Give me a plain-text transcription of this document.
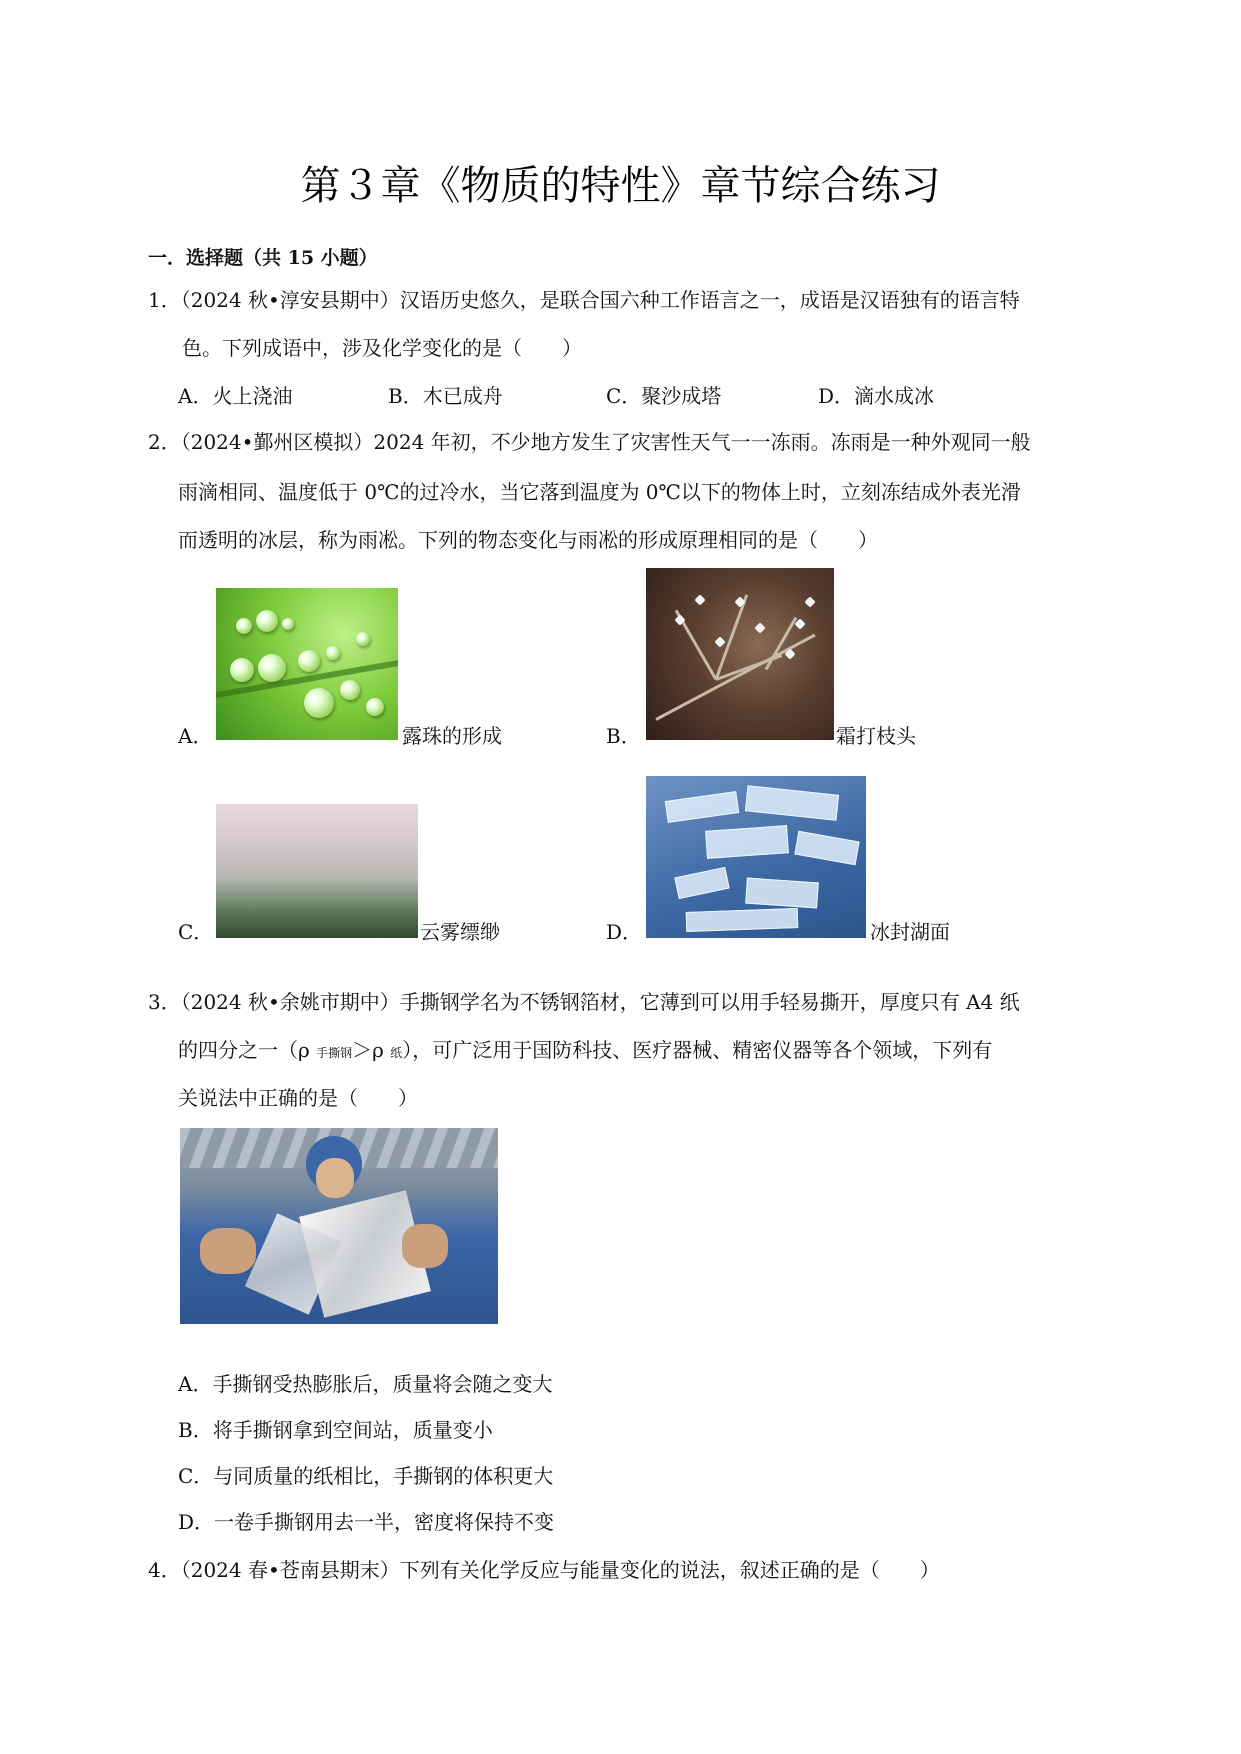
第３章《物质的特性》章节综合练习
一．选择题（共 15 小题）
1．（2024 秋•淳安县期中）汉语历史悠久，是联合国六种工作语言之一，成语是汉语独有的语言特
色。下列成语中，涉及化学变化的是（　　）
A．火上浇油	B．木已成舟	C．聚沙成塔	D．滴水成冰
2．（2024•鄞州区模拟）2024 年初，不少地方发生了灾害性天气一一冻雨。冻雨是一种外观同一般
雨滴相同、温度低于 0℃的过冷水，当它落到温度为 0℃以下的物体上时，立刻冻结成外表光滑
而透明的冰层，称为雨凇。下列的物态变化与雨凇的形成原理相同的是（　　）
A．	露珠的形成	B．	霜打枝头
C．	云雾缥缈	D．	冰封湖面
3．（2024 秋•余姚市期中）手撕钢学名为不锈钢箔材，它薄到可以用手轻易撕开，厚度只有 A4 纸
的四分之一（ρ 手撕钢＞ρ 纸），可广泛用于国防科技、医疗器械、精密仪器等各个领域，下列有
关说法中正确的是（　　）
A．手撕钢受热膨胀后，质量将会随之变大
B．将手撕钢拿到空间站，质量变小
C．与同质量的纸相比，手撕钢的体积更大
D．一卷手撕钢用去一半，密度将保持不变
4．（2024 春•苍南县期末）下列有关化学反应与能量变化的说法，叙述正确的是（　　）
